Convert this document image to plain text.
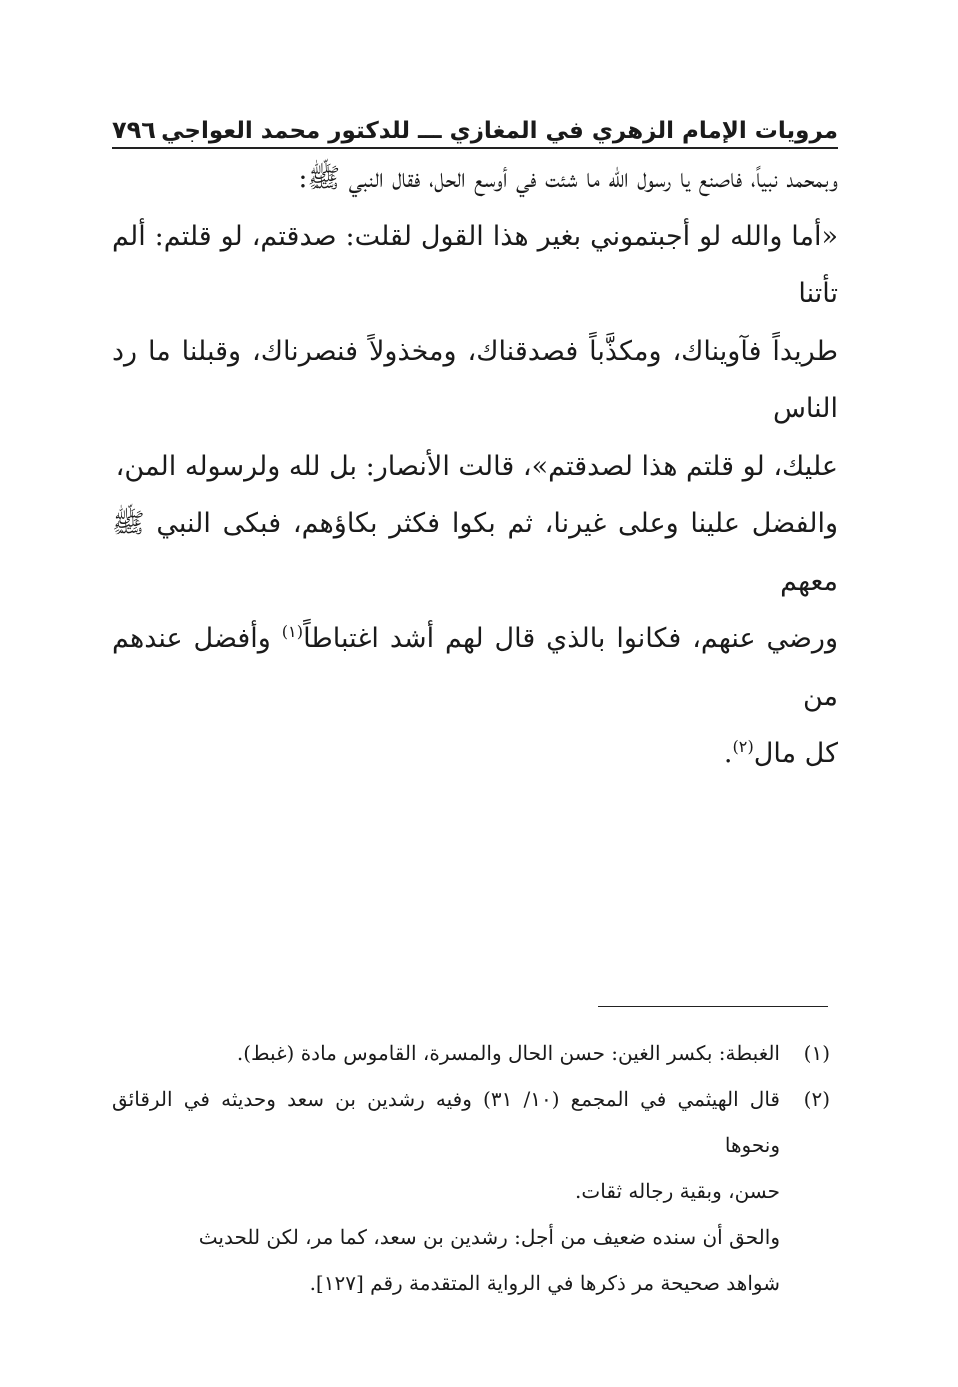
مرويات الإمام الزهري في المغازي ـــ للدكتور محمد العواجي
٧٩٦

وبمحمد نبياً، فاصنع يا رسول الله ما شئت في أوسع الحل، فقال النبي ﷺ:

«أما والله لو أجبتموني بغير هذا القول لقلت: صدقتم، لو قلتم: ألم تأتنا

طريداً فآويناك، ومكذَّباً فصدقناك، ومخذولاً فنصرناك، وقبلنا ما رد الناس

عليك، لو قلتم هذا لصدقتم»، قالت الأنصار: بل لله ولرسوله المن،

والفضل علينا وعلى غيرنا، ثم بكوا فكثر بكاؤهم، فبكى النبي ﷺ معهم

ورضي عنهم، فكانوا بالذي قال لهم أشد اغتباطاً$^{(١)}$ وأفضل عندهم من

كل مال$^{(٢)}$.

(١)
الغبطة: بكسر الغين: حسن الحال والمسرة، القاموس مادة (غبط).
(٢)
قال الهيثمي في المجمع (١٠/ ٣١) وفيه رشدين بن سعد وحديثه في الرقائق ونحوها
حسن، وبقية رجاله ثقات.
والحق أن سنده ضعيف من أجل: رشدين بن سعد، كما مر، لكن للحديث
شواهد صحيحة مر ذكرها في الرواية المتقدمة رقم [١٢٧].
